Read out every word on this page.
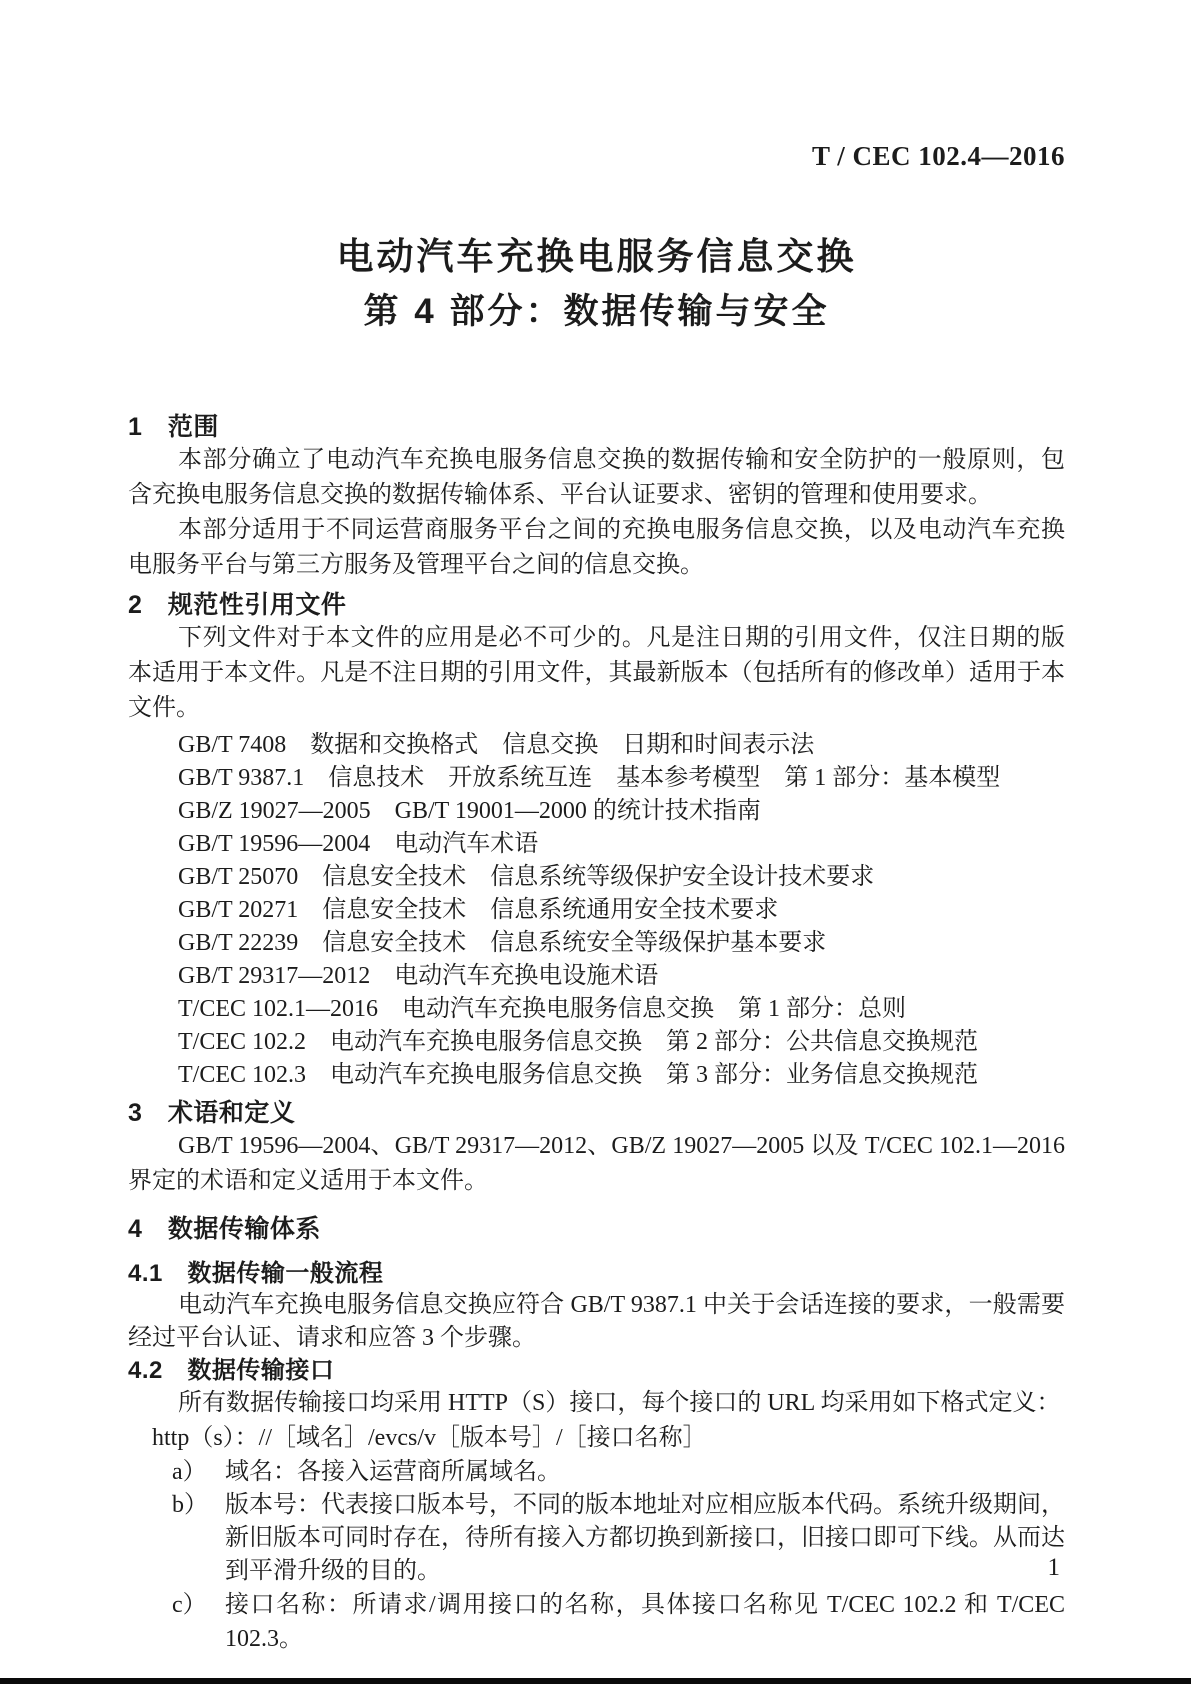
T / CEC 102.4—2016
电动汽车充换电服务信息交换
第 4 部分：数据传输与安全
1　范围

本部分确立了电动汽车充换电服务信息交换的数据传输和安全防护的一般原则，包含充换电服务信息交换的数据传输体系、平台认证要求、密钥的管理和使用要求。

本部分适用于不同运营商服务平台之间的充换电服务信息交换，以及电动汽车充换电服务平台与第三方服务及管理平台之间的信息交换。

2　规范性引用文件

下列文件对于本文件的应用是必不可少的。凡是注日期的引用文件，仅注日期的版本适用于本文件。凡是不注日期的引用文件，其最新版本（包括所有的修改单）适用于本文件。

GB/T 7408　数据和交换格式　信息交换　日期和时间表示法
GB/T 9387.1　信息技术　开放系统互连　基本参考模型　第 1 部分：基本模型
GB/Z 19027—2005　GB/T 19001—2000 的统计技术指南
GB/T 19596—2004　电动汽车术语
GB/T 25070　信息安全技术　信息系统等级保护安全设计技术要求
GB/T 20271　信息安全技术　信息系统通用安全技术要求
GB/T 22239　信息安全技术　信息系统安全等级保护基本要求
GB/T 29317—2012　电动汽车充换电设施术语
T/CEC 102.1—2016　电动汽车充换电服务信息交换　第 1 部分：总则
T/CEC 102.2　电动汽车充换电服务信息交换　第 2 部分：公共信息交换规范
T/CEC 102.3　电动汽车充换电服务信息交换　第 3 部分：业务信息交换规范
3　术语和定义

GB/T 19596—2004、GB/T 29317—2012、GB/Z 19027—2005 以及 T/CEC 102.1—2016 界定的术语和定义适用于本文件。

4　数据传输体系
4.1　数据传输一般流程

电动汽车充换电服务信息交换应符合 GB/T 9387.1 中关于会话连接的要求，一般需要经过平台认证、请求和应答 3 个步骤。

4.2　数据传输接口

所有数据传输接口均采用 HTTP（S）接口，每个接口的 URL 均采用如下格式定义：

http（s）：//［域名］/evcs/v［版本号］/［接口名称］

a） 域名：各接入运营商所属域名。
b） 版本号：代表接口版本号，不同的版本地址对应相应版本代码。系统升级期间，新旧版本可同时存在，待所有接入方都切换到新接口，旧接口即可下线。从而达到平滑升级的目的。
c） 接口名称：所请求/调用接口的名称，具体接口名称见 T/CEC 102.2 和 T/CEC 102.3。
1
